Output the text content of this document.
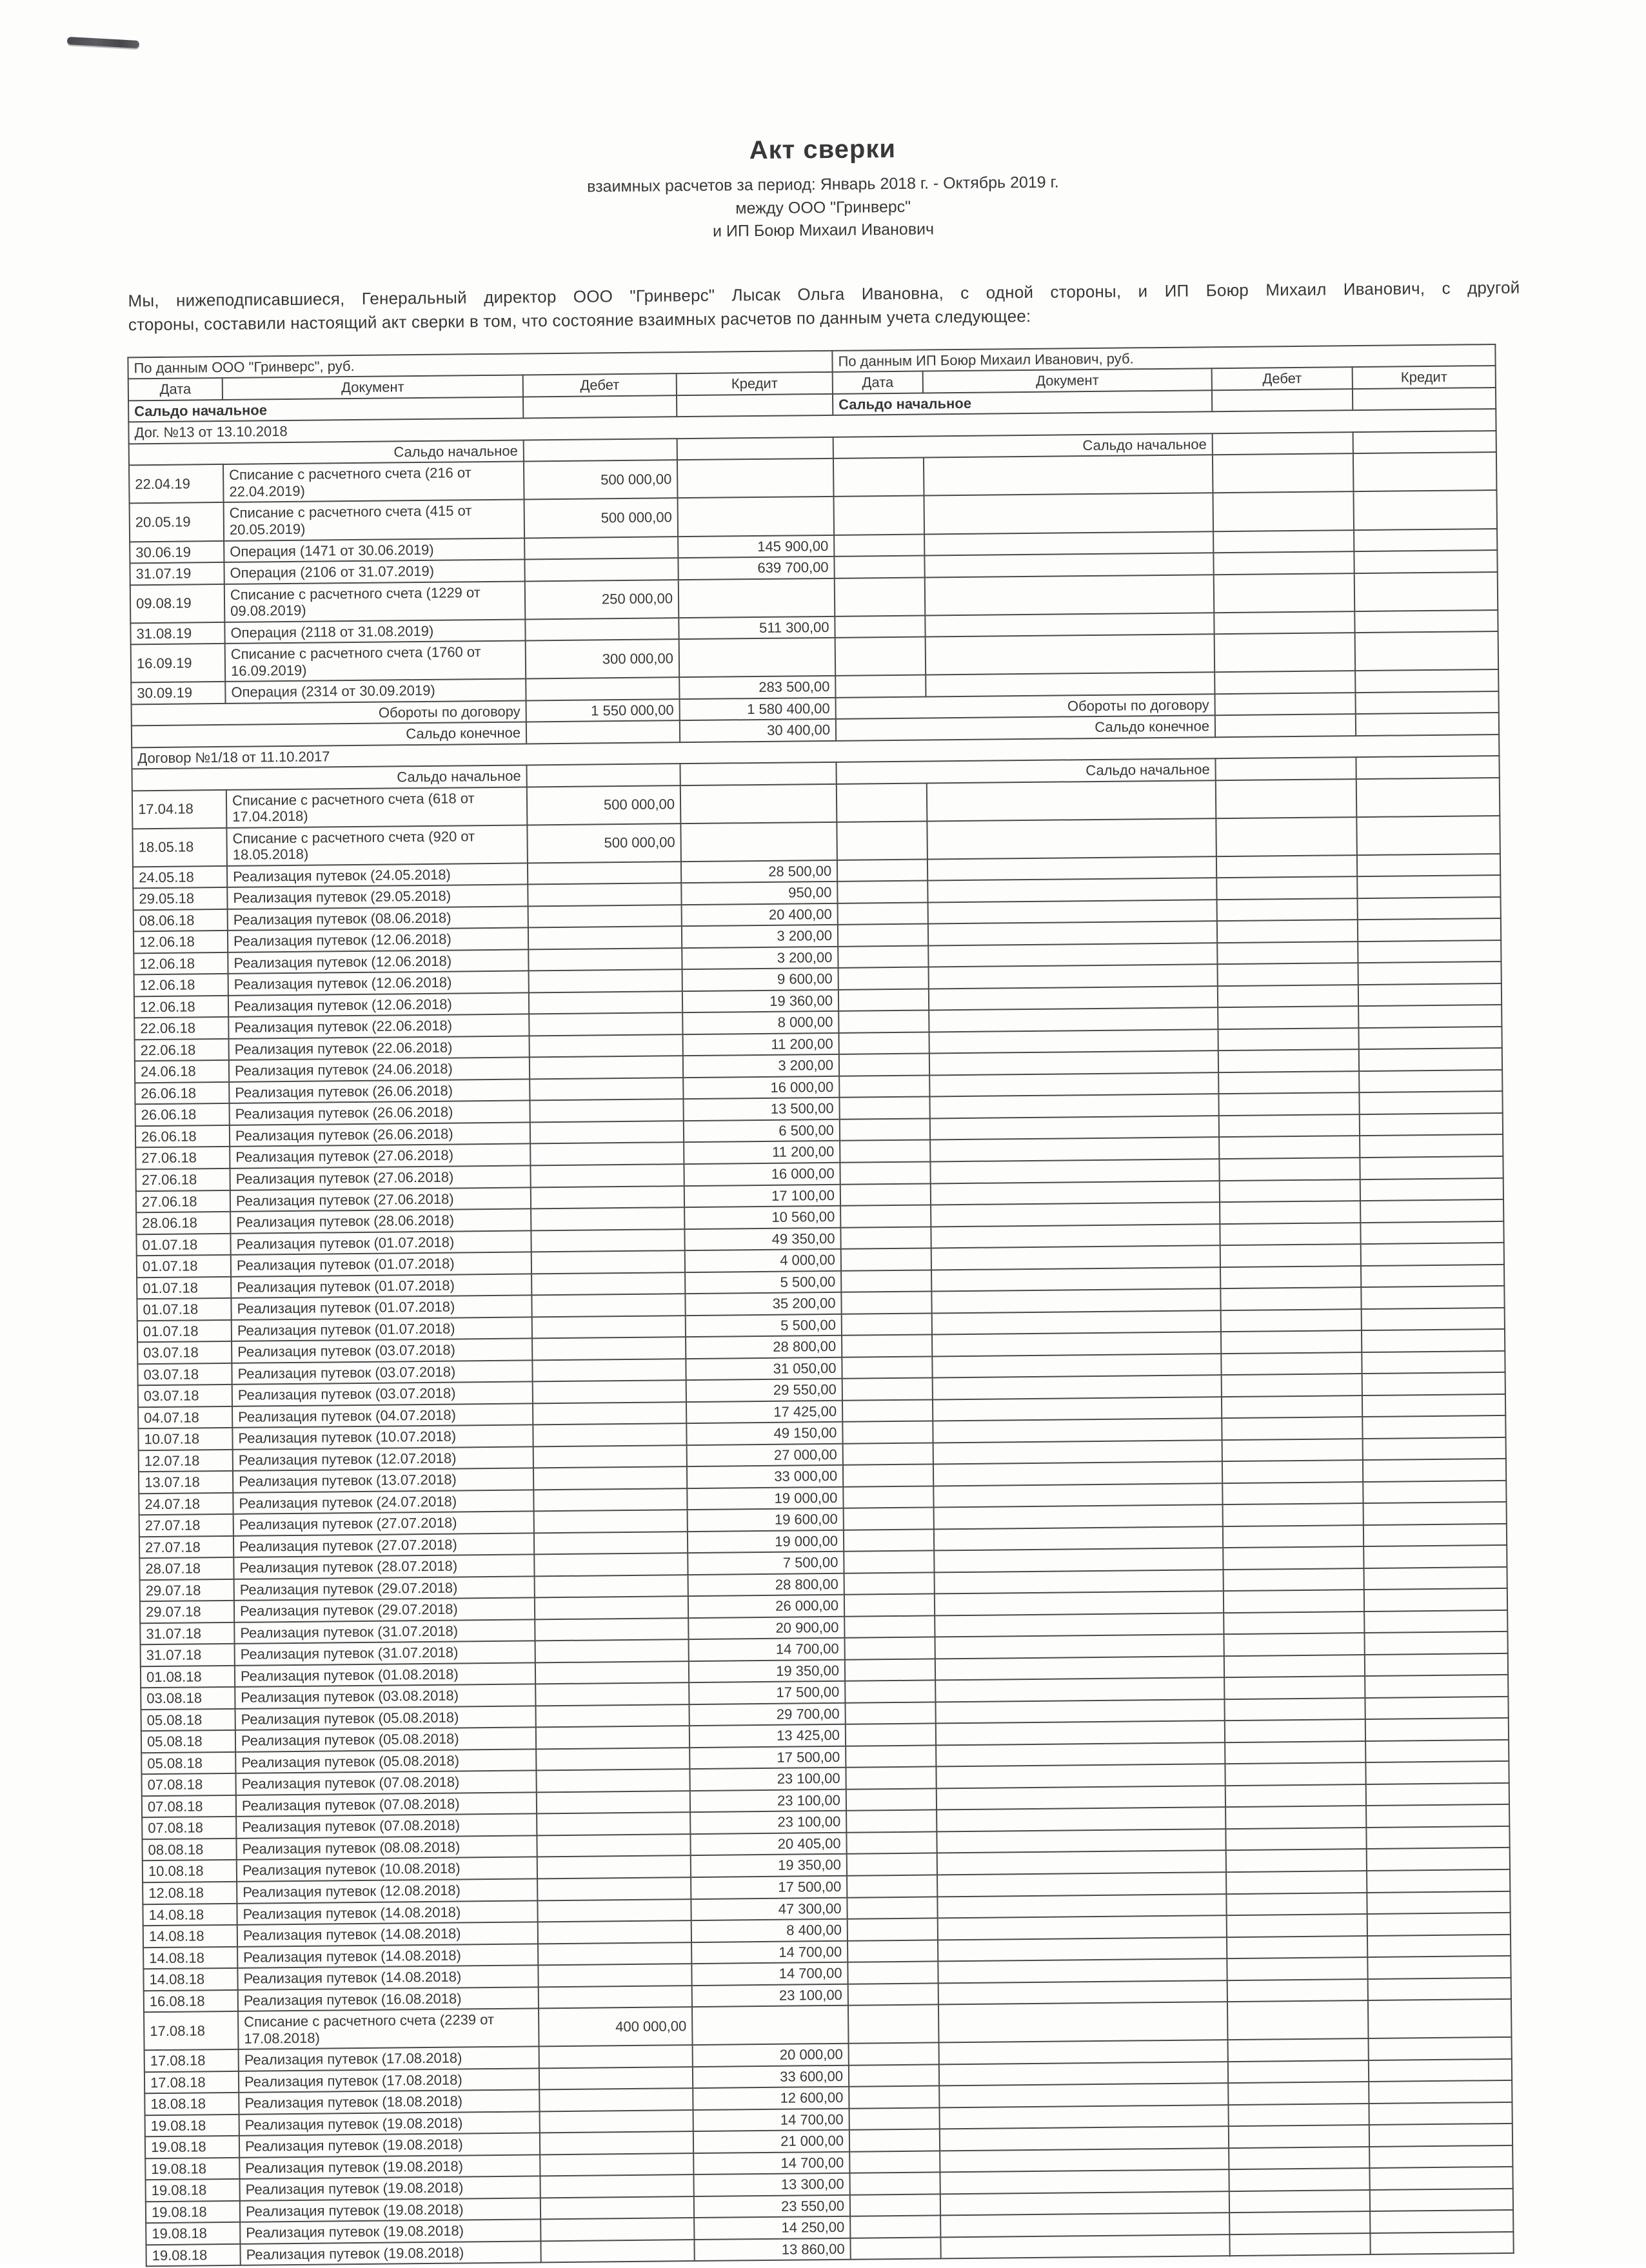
Акт сверки
взаимных расчетов за период: Январь 2018 г. - Октябрь 2019 г.
между ООО "Гринверс"
и ИП Боюр Михаил Иванович
Мы, нижеподписавшиеся, Генеральный директор ООО "Гринверс" Лысак Ольга Ивановна, с одной стороны, и ИП Боюр Михаил Иванович, с другой
стороны, составили настоящий акт сверки в том, что состояние взаимных расчетов по данным учета следующее:
По данным ООО "Гринверс", руб.				По данным ИП Боюр Михаил Иванович, руб.			
Дата	Документ	Дебет	Кредит	Дата	Документ	Дебет	Кредит
Сальдо начальное				Сальдо начальное			
Дог. №13 от 13.10.2018							
Сальдо начальное				Сальдо начальное			
22.04.19	Списание с расчетного счета (216 от 22.04.2019)	500 000,00					
20.05.19	Списание с расчетного счета (415 от 20.05.2019)	500 000,00					
30.06.19	Операция (1471 от 30.06.2019)		145 900,00				
31.07.19	Операция (2106 от 31.07.2019)		639 700,00				
09.08.19	Списание с расчетного счета (1229 от 09.08.2019)	250 000,00					
31.08.19	Операция (2118 от 31.08.2019)		511 300,00				
16.09.19	Списание с расчетного счета (1760 от 16.09.2019)	300 000,00					
30.09.19	Операция (2314 от 30.09.2019)		283 500,00				
Обороты по договору		1 550 000,00	1 580 400,00	Обороты по договору			
Сальдо конечное			30 400,00	Сальдо конечное			
Договор №1/18 от 11.10.2017							
Сальдо начальное				Сальдо начальное			
17.04.18	Списание с расчетного счета (618 от 17.04.2018)	500 000,00					
18.05.18	Списание с расчетного счета (920 от 18.05.2018)	500 000,00					
24.05.18	Реализация путевок (24.05.2018)		28 500,00				
29.05.18	Реализация путевок (29.05.2018)		950,00				
08.06.18	Реализация путевок (08.06.2018)		20 400,00				
12.06.18	Реализация путевок (12.06.2018)		3 200,00				
12.06.18	Реализация путевок (12.06.2018)		3 200,00				
12.06.18	Реализация путевок (12.06.2018)		9 600,00				
12.06.18	Реализация путевок (12.06.2018)		19 360,00				
22.06.18	Реализация путевок (22.06.2018)		8 000,00				
22.06.18	Реализация путевок (22.06.2018)		11 200,00				
24.06.18	Реализация путевок (24.06.2018)		3 200,00				
26.06.18	Реализация путевок (26.06.2018)		16 000,00				
26.06.18	Реализация путевок (26.06.2018)		13 500,00				
26.06.18	Реализация путевок (26.06.2018)		6 500,00				
27.06.18	Реализация путевок (27.06.2018)		11 200,00				
27.06.18	Реализация путевок (27.06.2018)		16 000,00				
27.06.18	Реализация путевок (27.06.2018)		17 100,00				
28.06.18	Реализация путевок (28.06.2018)		10 560,00				
01.07.18	Реализация путевок (01.07.2018)		49 350,00				
01.07.18	Реализация путевок (01.07.2018)		4 000,00				
01.07.18	Реализация путевок (01.07.2018)		5 500,00				
01.07.18	Реализация путевок (01.07.2018)		35 200,00				
01.07.18	Реализация путевок (01.07.2018)		5 500,00				
03.07.18	Реализация путевок (03.07.2018)		28 800,00				
03.07.18	Реализация путевок (03.07.2018)		31 050,00				
03.07.18	Реализация путевок (03.07.2018)		29 550,00				
04.07.18	Реализация путевок (04.07.2018)		17 425,00				
10.07.18	Реализация путевок (10.07.2018)		49 150,00				
12.07.18	Реализация путевок (12.07.2018)		27 000,00				
13.07.18	Реализация путевок (13.07.2018)		33 000,00				
24.07.18	Реализация путевок (24.07.2018)		19 000,00				
27.07.18	Реализация путевок (27.07.2018)		19 600,00				
27.07.18	Реализация путевок (27.07.2018)		19 000,00				
28.07.18	Реализация путевок (28.07.2018)		7 500,00				
29.07.18	Реализация путевок (29.07.2018)		28 800,00				
29.07.18	Реализация путевок (29.07.2018)		26 000,00				
31.07.18	Реализация путевок (31.07.2018)		20 900,00				
31.07.18	Реализация путевок (31.07.2018)		14 700,00				
01.08.18	Реализация путевок (01.08.2018)		19 350,00				
03.08.18	Реализация путевок (03.08.2018)		17 500,00				
05.08.18	Реализация путевок (05.08.2018)		29 700,00				
05.08.18	Реализация путевок (05.08.2018)		13 425,00				
05.08.18	Реализация путевок (05.08.2018)		17 500,00				
07.08.18	Реализация путевок (07.08.2018)		23 100,00				
07.08.18	Реализация путевок (07.08.2018)		23 100,00				
07.08.18	Реализация путевок (07.08.2018)		23 100,00				
08.08.18	Реализация путевок (08.08.2018)		20 405,00				
10.08.18	Реализация путевок (10.08.2018)		19 350,00				
12.08.18	Реализация путевок (12.08.2018)		17 500,00				
14.08.18	Реализация путевок (14.08.2018)		47 300,00				
14.08.18	Реализация путевок (14.08.2018)		8 400,00				
14.08.18	Реализация путевок (14.08.2018)		14 700,00				
14.08.18	Реализация путевок (14.08.2018)		14 700,00				
16.08.18	Реализация путевок (16.08.2018)		23 100,00				
17.08.18	Списание с расчетного счета (2239 от 17.08.2018)	400 000,00					
17.08.18	Реализация путевок (17.08.2018)		20 000,00				
17.08.18	Реализация путевок (17.08.2018)		33 600,00				
18.08.18	Реализация путевок (18.08.2018)		12 600,00				
19.08.18	Реализация путевок (19.08.2018)		14 700,00				
19.08.18	Реализация путевок (19.08.2018)		21 000,00				
19.08.18	Реализация путевок (19.08.2018)		14 700,00				
19.08.18	Реализация путевок (19.08.2018)		13 300,00				
19.08.18	Реализация путевок (19.08.2018)		23 550,00				
19.08.18	Реализация путевок (19.08.2018)		14 250,00				
19.08.18	Реализация путевок (19.08.2018)		13 860,00				
